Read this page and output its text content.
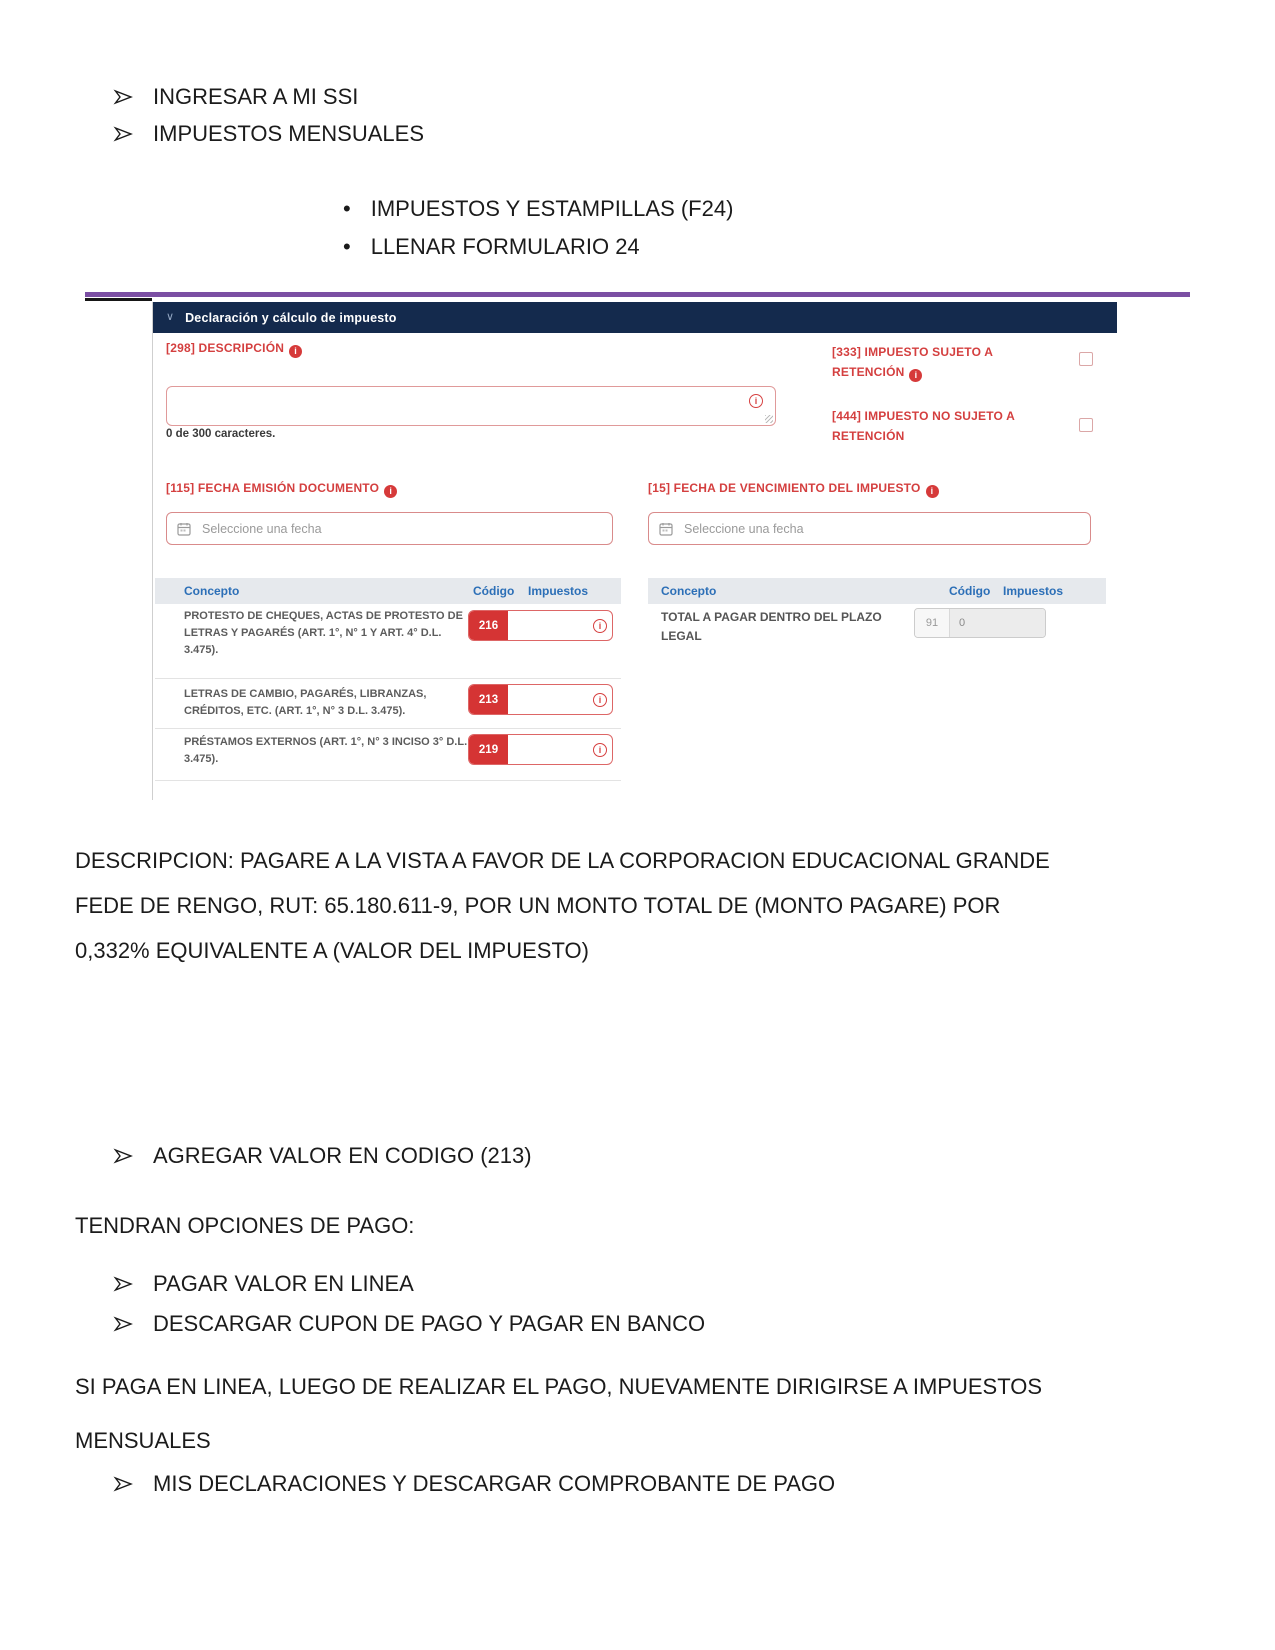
INGRESAR A MI SSI
IMPUESTOS MENSUALES
• IMPUESTOS Y ESTAMPILLAS (F24)
• LLENAR FORMULARIO 24
∨ Declaración y cálculo de impuesto
[298] DESCRIPCIÓN i
i
0 de 300 caracteres.
[333] IMPUESTO SUJETO A RETENCIÓN i
[444] IMPUESTO NO SUJETO A RETENCIÓN
[115] FECHA EMISIÓN DOCUMENTO i	[15] FECHA DE VENCIMIENTO DEL IMPUESTO i
Seleccione una fecha
Seleccione una fecha
Concepto	Código Impuestos
PROTESTO DE CHEQUES, ACTAS DE PROTESTO DE LETRAS Y PAGARÉS (ART. 1°, N° 1 Y ART. 4° D.L. 3.475).
216	i
LETRAS DE CAMBIO, PAGARÉS, LIBRANZAS, CRÉDITOS, ETC. (ART. 1°, N° 3 D.L. 3.475).
213	i
PRÉSTAMOS EXTERNOS (ART. 1°, N° 3 INCISO 3° D.L. 3.475).
219	i
Concepto	Código Impuestos
TOTAL A PAGAR DENTRO DEL PLAZO LEGAL
91	0
DESCRIPCION: PAGARE A LA VISTA A FAVOR DE LA CORPORACION EDUCACIONAL GRANDE
FEDE DE RENGO, RUT: 65.180.611-9, POR UN MONTO TOTAL DE (MONTO PAGARE) POR
0,332% EQUIVALENTE A (VALOR DEL IMPUESTO)
AGREGAR VALOR EN CODIGO (213)
TENDRAN OPCIONES DE PAGO:
PAGAR VALOR EN LINEA
DESCARGAR CUPON DE PAGO Y PAGAR EN BANCO
SI PAGA EN LINEA, LUEGO DE REALIZAR EL PAGO, NUEVAMENTE DIRIGIRSE A IMPUESTOS
MENSUALES
MIS DECLARACIONES Y DESCARGAR COMPROBANTE DE PAGO
